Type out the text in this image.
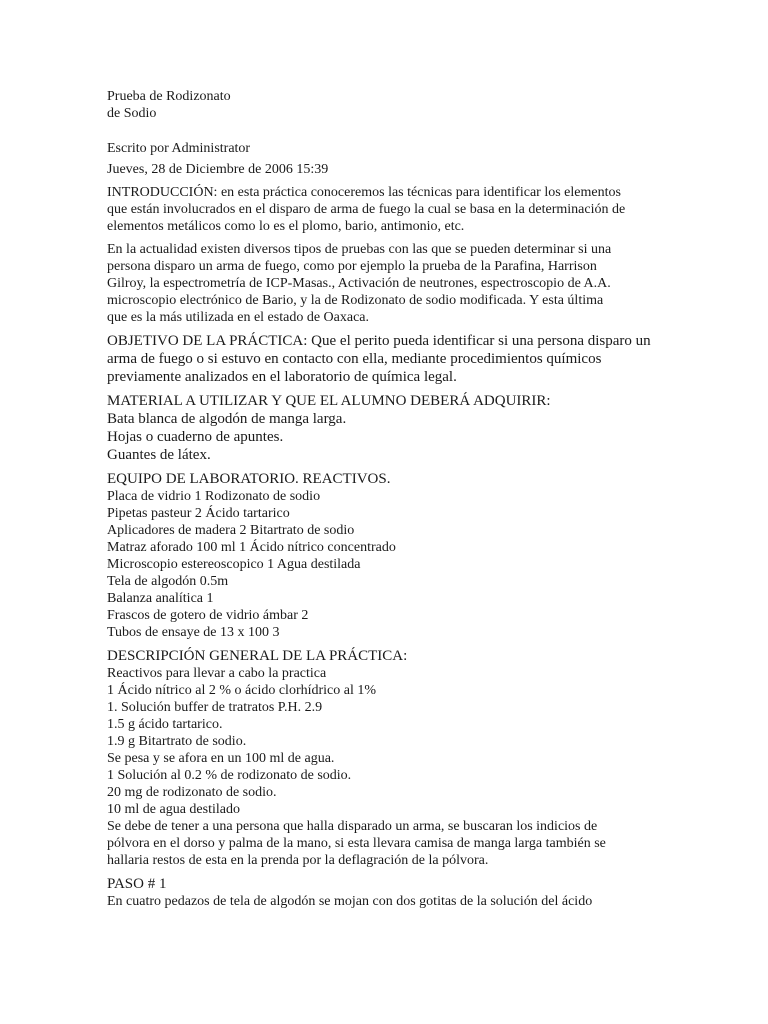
Prueba de Rodizonato
de Sodio
Escrito por Administrator
Jueves, 28 de Diciembre de 2006 15:39
INTRODUCCIÓN: en esta práctica conoceremos las técnicas para identificar los elementos
que están involucrados en el disparo de arma de fuego la cual se basa en la determinación de
elementos metálicos como lo es el plomo, bario, antimonio, etc.
En la actualidad existen diversos tipos de pruebas con las que se pueden determinar si una
persona disparo un arma de fuego, como por ejemplo la prueba de la Parafina, Harrison
Gilroy, la espectrometría de ICP-Masas., Activación de neutrones, espectroscopio de A.A.
microscopio electrónico de Bario, y la de Rodizonato de sodio modificada. Y esta última
que es la más utilizada en el estado de Oaxaca.
OBJETIVO DE LA PRÁCTICA: Que el perito pueda identificar si una persona disparo un
arma de fuego o si estuvo en contacto con ella, mediante procedimientos químicos
previamente analizados en el laboratorio de química legal.
MATERIAL A UTILIZAR Y QUE EL ALUMNO DEBERÁ ADQUIRIR:
Bata blanca de algodón de manga larga.
Hojas o cuaderno de apuntes.
Guantes de látex.
EQUIPO DE LABORATORIO. REACTIVOS.
Placa de vidrio 1 Rodizonato de sodio
Pipetas pasteur 2 Ácido tartarico
Aplicadores de madera 2 Bitartrato de sodio
Matraz aforado 100 ml 1 Ácido nítrico concentrado
Microscopio estereoscopico 1 Agua destilada
Tela de algodón 0.5m
Balanza analítica 1
Frascos de gotero de vidrio ámbar 2
Tubos de ensaye de 13 x 100 3
DESCRIPCIÓN GENERAL DE LA PRÁCTICA:
Reactivos para llevar a cabo la practica
1 Ácido nítrico al 2 % o ácido clorhídrico al 1%
1. Solución buffer de tratratos P.H. 2.9
1.5 g ácido tartarico.
1.9 g Bitartrato de sodio.
Se pesa y se afora en un 100 ml de agua.
1 Solución al 0.2 % de rodizonato de sodio.
20 mg de rodizonato de sodio.
10 ml de agua destilado
Se debe de tener a una persona que halla disparado un arma, se buscaran los indicios de
pólvora en el dorso y palma de la mano, si esta llevara camisa de manga larga también se
hallaria restos de esta en la prenda por la deflagración de la pólvora.
PASO # 1
En cuatro pedazos de tela de algodón se mojan con dos gotitas de la solución del ácido
